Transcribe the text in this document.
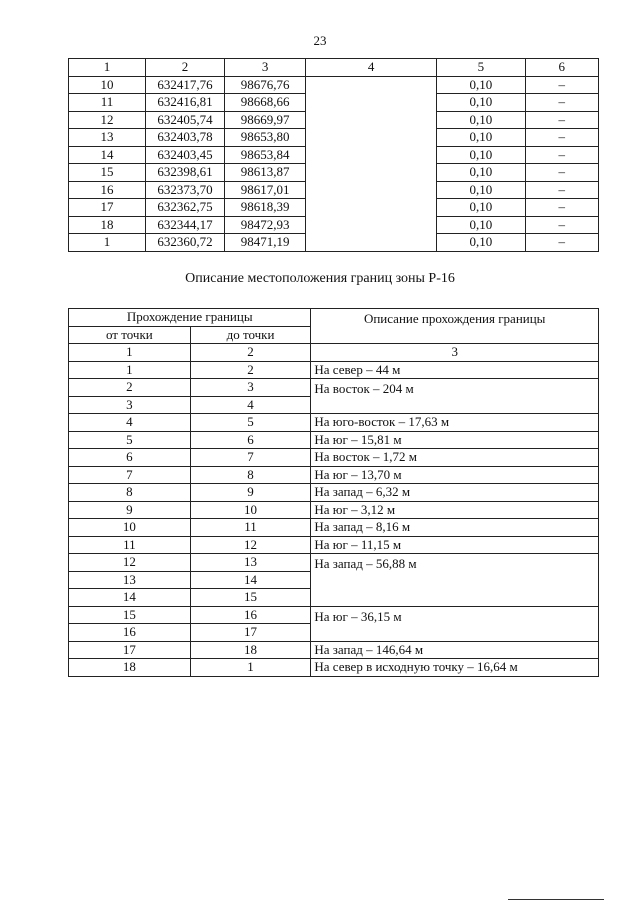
23
1	2	3	4	5	6
10	632417,76	98676,76		0,10	–
11	632416,81	98668,66		0,10	–
12	632405,74	98669,97		0,10	–
13	632403,78	98653,80		0,10	–
14	632403,45	98653,84		0,10	–
15	632398,61	98613,87		0,10	–
16	632373,70	98617,01		0,10	–
17	632362,75	98618,39		0,10	–
18	632344,17	98472,93		0,10	–
1	632360,72	98471,19		0,10	–
Описание местоположения границ зоны Р-16
Прохождение границы		Описание прохождения границы
от точки	до точки	
1	2	3
1	2	На север – 44 м
2	3	На восток – 204 м
3	4	
4	5	На юго-восток – 17,63 м
5	6	На юг – 15,81 м
6	7	На восток – 1,72 м
7	8	На юг – 13,70 м
8	9	На запад – 6,32 м
9	10	На юг – 3,12 м
10	11	На запад – 8,16 м
11	12	На юг – 11,15 м
12	13	На запад – 56,88 м
13	14	
14	15	
15	16	На юг – 36,15 м
16	17	
17	18	На запад – 146,64 м
18	1	На север в исходную точку – 16,64 м
